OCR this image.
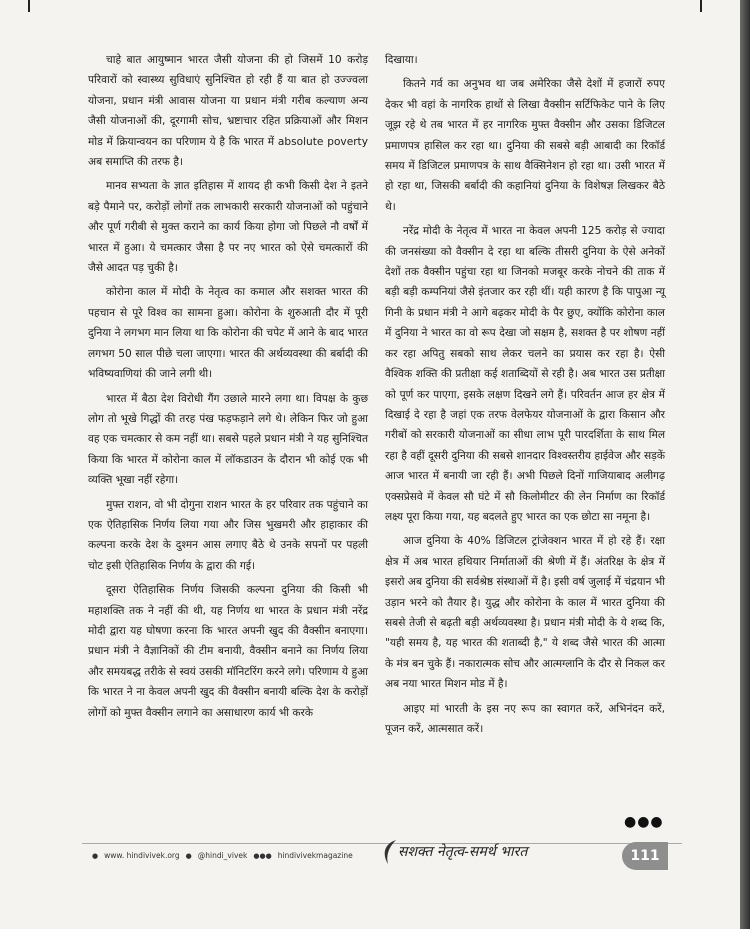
चाहे बात आयुष्मान भारत जैसी योजना की हो जिसमें 10 करोड़ परिवारों को स्वास्थ्य सुविधाएं सुनिश्चित हो रही हैं या बात हो उज्ज्वला योजना, प्रधान मंत्री आवास योजना या प्रधान मंत्री गरीब कल्याण अन्य जैसी योजनाओं की, दूरगामी सोच, भ्रष्टाचार रहित प्रक्रियाओं और मिशन मोड में क्रियान्वयन का परिणाम ये है कि भारत में absolute poverty अब समाप्ति की तरफ है।

मानव सभ्यता के ज्ञात इतिहास में शायद ही कभी किसी देश ने इतने बड़े पैमाने पर, करोड़ों लोगों तक लाभकारी सरकारी योजनाओं को पहुंचाने और पूर्ण गरीबी से मुक्त कराने का कार्य किया होगा जो पिछले नौ वर्षों में भारत में हुआ। ये चमत्कार जैसा है पर नए भारत को ऐसे चमत्कारों की जैसे आदत पड़ चुकी है।

कोरोना काल में मोदी के नेतृत्व का कमाल और सशक्त भारत की पहचान से पूरे विश्व का सामना हुआ। कोरोना के शुरुआती दौर में पूरी दुनिया ने लगभग मान लिया था कि कोरोना की चपेट में आने के बाद भारत लगभग 50 साल पीछे चला जाएगा। भारत की अर्थव्यवस्था की बर्बादी की भविष्यवाणियां की जाने लगी थी।

भारत में बैठा देश विरोधी गैंग उछाले मारने लगा था। विपक्ष के कुछ लोग तो भूखे गिद्धों की तरह पंख फड़फड़ाने लगे थे। लेकिन फिर जो हुआ वह एक चमत्कार से कम नहीं था। सबसे पहले प्रधान मंत्री ने यह सुनिश्चित किया कि भारत में कोरोना काल में लॉकडाउन के दौरान भी कोई एक भी व्यक्ति भूखा नहीं रहेगा।

मुफ्त राशन, वो भी दोगुना राशन भारत के हर परिवार तक पहुंचाने का एक ऐतिहासिक निर्णय लिया गया और जिस भुखमरी और हाहाकार की कल्पना करके देश के दुश्मन आस लगाए बैठे थे उनके सपनों पर पहली चोट इसी ऐतिहासिक निर्णय के द्वारा की गई।

दूसरा ऐतिहासिक निर्णय जिसकी कल्पना दुनिया की किसी भी महाशक्ति तक ने नहीं की थी, यह निर्णय था भारत के प्रधान मंत्री नरेंद्र मोदी द्वारा यह घोषणा करना कि भारत अपनी खुद की वैक्सीन बनाएगा। प्रधान मंत्री ने वैज्ञानिकों की टीम बनायी, वैक्सीन बनाने का निर्णय लिया और समयबद्ध तरीके से स्वयं उसकी मॉनिटरिंग करने लगे। परिणाम ये हुआ कि भारत ने ना केवल अपनी खुद की वैक्सीन बनायी बल्कि देश के करोड़ों लोगों को मुफ्त वैक्सीन लगाने का असाधारण कार्य भी करके

दिखाया।

कितने गर्व का अनुभव था जब अमेरिका जैसे देशों में हजारों रुपए देकर भी वहां के नागरिक हाथों से लिखा वैक्सीन सर्टिफिकेट पाने के लिए जूझ रहे थे तब भारत में हर नागरिक मुफ्त वैक्सीन और उसका डिजिटल प्रमाणपत्र हासिल कर रहा था। दुनिया की सबसे बड़ी आबादी का रिकॉर्ड समय में डिजिटल प्रमाणपत्र के साथ वैक्सिनेशन हो रहा था। उसी भारत में हो रहा था, जिसकी बर्बादी की कहानियां दुनिया के विशेषज्ञ लिखकर बैठे थे।

नरेंद्र मोदी के नेतृत्व में भारत ना केवल अपनी 125 करोड़ से ज्यादा की जनसंख्या को वैक्सीन दे रहा था बल्कि तीसरी दुनिया के ऐसे अनेकों देशों तक वैक्सीन पहुंचा रहा था जिनको मजबूर करके नोचने की ताक में बड़ी बड़ी कम्पनियां जैसे इंतजार कर रही थीं। यही कारण है कि पापुआ न्यू गिनी के प्रधान मंत्री ने आगे बढ़कर मोदी के पैर छुए, क्योंकि कोरोना काल में दुनिया ने भारत का वो रूप देखा जो सक्षम है, सशक्त है पर शोषण नहीं कर रहा अपितु सबको साथ लेकर चलने का प्रयास कर रहा है। ऐसी वैश्विक शक्ति की प्रतीक्षा कई शताब्दियों से रही है। अब भारत उस प्रतीक्षा को पूर्ण कर पाएगा, इसके लक्षण दिखने लगे हैं। परिवर्तन आज हर क्षेत्र में दिखाई दे रहा है जहां एक तरफ वेलफेयर योजनाओं के द्वारा किसान और गरीबों को सरकारी योजनाओं का सीधा लाभ पूरी पारदर्शिता के साथ मिल रहा है वहीं दूसरी दुनिया की सबसे शानदार विश्वस्तरीय हाईवेज और सड़कें आज भारत में बनायी जा रही हैं। अभी पिछले दिनों गाजियाबाद अलीगढ़ एक्सप्रेसवे में केवल सौ घंटे में सौ किलोमीटर की लेन निर्माण का रिकॉर्ड लक्ष्य पूरा किया गया, यह बदलते हुए भारत का एक छोटा सा नमूना है।

आज दुनिया के 40% डिजिटल ट्रांजेक्शन भारत में हो रहे हैं। रक्षा क्षेत्र में अब भारत हथियार निर्माताओं की श्रेणी में हैं। अंतरिक्ष के क्षेत्र में इसरो अब दुनिया की सर्वश्रेष्ठ संस्थाओं में है। इसी वर्ष जुलाई में चंद्रयान भी उड़ान भरने को तैयार है। युद्ध और कोरोना के काल में भारत दुनिया की सबसे तेजी से बढ़ती बड़ी अर्थव्यवस्था है। प्रधान मंत्री मोदी के ये शब्द कि, "यही समय है, यह भारत की शताब्दी है," ये शब्द जैसे भारत की आत्मा के मंत्र बन चुके हैं। नकारात्मक सोच और आत्मग्लानि के दौर से निकल कर अब नया भारत मिशन मोड में है।

आइए मां भारती के इस नए रूप का स्वागत करें, अभिनंदन करें, पूजन करें, आत्मसात करें।

●●●
● www. hindivivek.org ● @hindi_vivek ●●● hindivivekmagazine	सशक्त नेतृत्व-समर्थ भारत	111
